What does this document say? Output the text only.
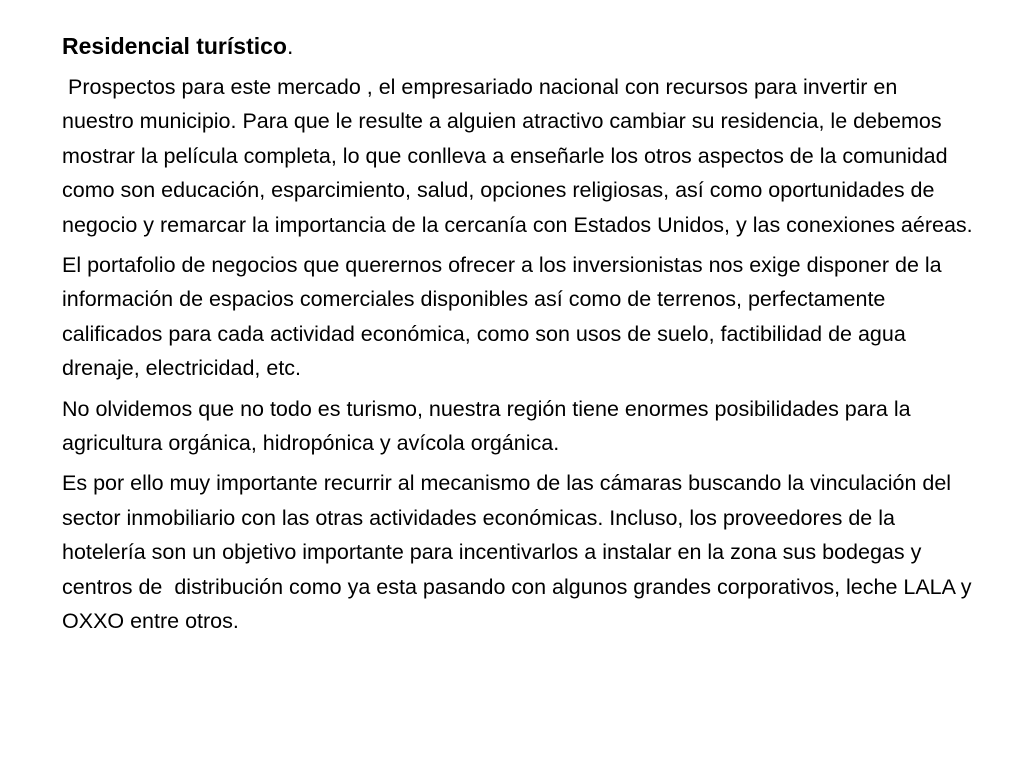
Residencial turístico.

Prospectos para este mercado , el empresariado nacional con recursos para invertir en nuestro municipio. Para que le resulte a alguien atractivo cambiar su residencia, le debemos mostrar la película completa, lo que conlleva a enseñarle los otros aspectos de la comunidad como son educación, esparcimiento, salud, opciones religiosas, así como oportunidades de negocio y remarcar la importancia de la cercanía con Estados Unidos, y las conexiones aéreas.

El portafolio de negocios que querernos ofrecer a los inversionistas nos exige disponer de la información de espacios comerciales disponibles así como de terrenos, perfectamente calificados para cada actividad económica, como son usos de suelo, factibilidad de agua drenaje, electricidad, etc.

No olvidemos que no todo es turismo, nuestra región tiene enormes posibilidades para la agricultura orgánica, hidropónica y avícola orgánica.

Es por ello muy importante recurrir al mecanismo de las cámaras buscando la vinculación del sector inmobiliario con las otras actividades económicas. Incluso, los proveedores de la hotelería son un objetivo importante para incentivarlos a instalar en la zona sus bodegas y centros de  distribución como ya esta pasando con algunos grandes corporativos, leche LALA y OXXO entre otros.
